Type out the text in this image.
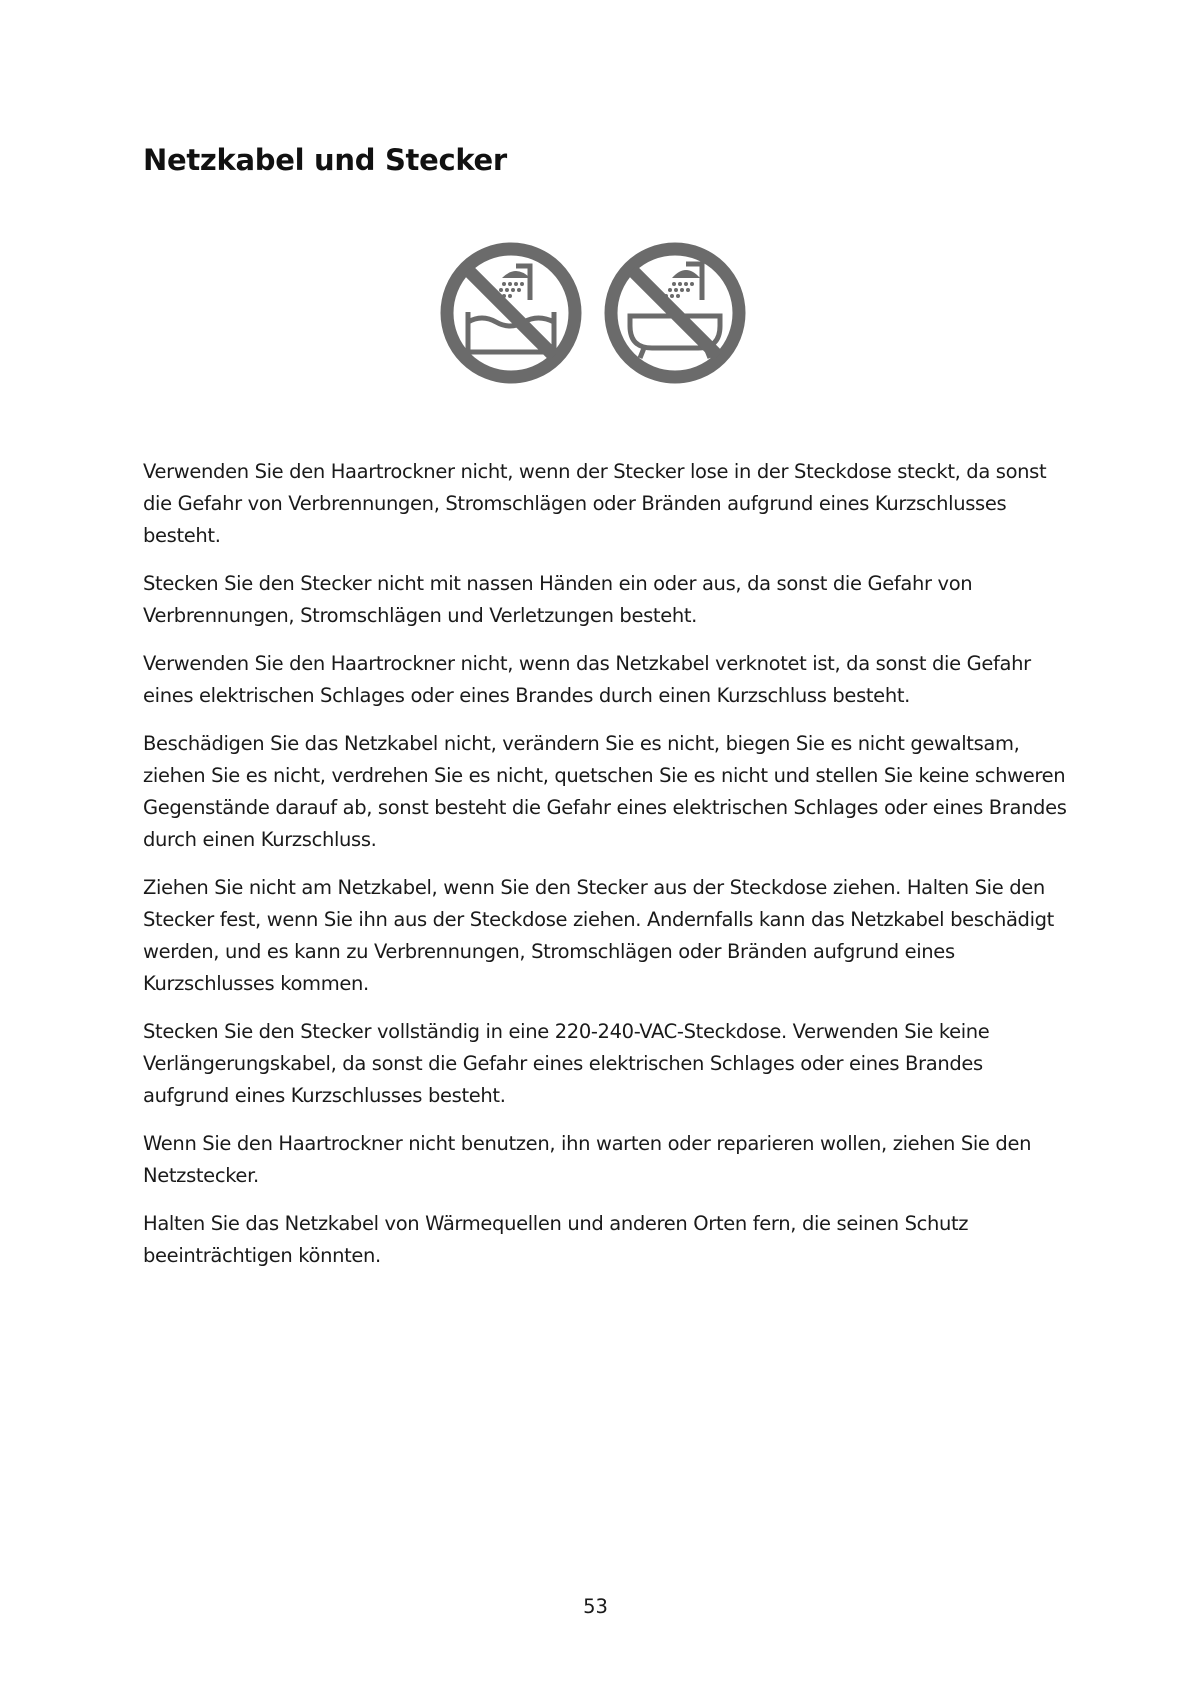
Netzkabel und Stecker

Verwenden Sie den Haartrockner nicht, wenn der Stecker lose in der Steckdose steckt, da sonst die Gefahr von Verbrennungen, Stromschlägen oder Bränden aufgrund eines Kurzschlusses besteht.

Stecken Sie den Stecker nicht mit nassen Händen ein oder aus, da sonst die Gefahr von Verbrennungen, Stromschlägen und Verletzungen besteht.

Verwenden Sie den Haartrockner nicht, wenn das Netzkabel verknotet ist, da sonst die Gefahr eines elektrischen Schlages oder eines Brandes durch einen Kurzschluss besteht.

Beschädigen Sie das Netzkabel nicht, verändern Sie es nicht, biegen Sie es nicht gewaltsam, ziehen Sie es nicht, verdrehen Sie es nicht, quetschen Sie es nicht und stellen Sie keine schweren Gegenstände darauf ab, sonst besteht die Gefahr eines elektrischen Schlages oder eines Brandes durch einen Kurzschluss.

Ziehen Sie nicht am Netzkabel, wenn Sie den Stecker aus der Steckdose ziehen. Halten Sie den Stecker fest, wenn Sie ihn aus der Steckdose ziehen. Andernfalls kann das Netzkabel beschädigt werden, und es kann zu Verbrennungen, Stromschlägen oder Bränden aufgrund eines Kurzschlusses kommen.

Stecken Sie den Stecker vollständig in eine 220-240-VAC-Steckdose. Verwenden Sie keine Verlängerungskabel, da sonst die Gefahr eines elektrischen Schlages oder eines Brandes aufgrund eines Kurzschlusses besteht.

Wenn Sie den Haartrockner nicht benutzen, ihn warten oder reparieren wollen, ziehen Sie den Netzstecker.

Halten Sie das Netzkabel von Wärmequellen und anderen Orten fern, die seinen Schutz beeinträchtigen könnten.

53
